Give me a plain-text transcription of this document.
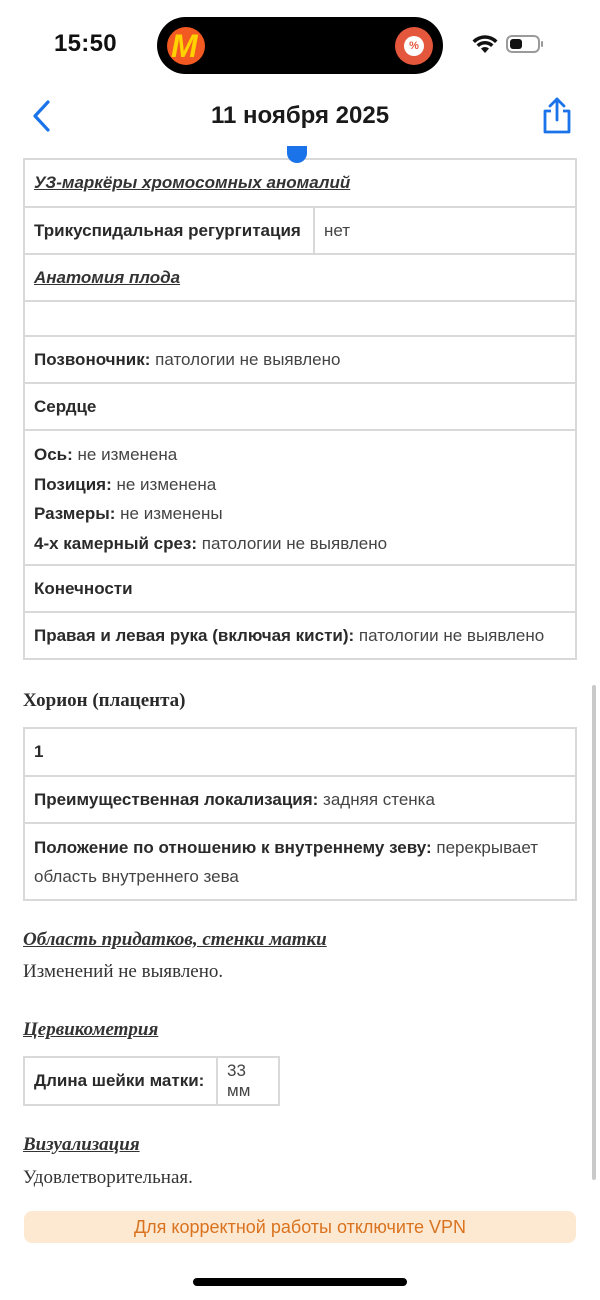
15:50 M	%
11 ноября 2025
УЗ-маркёры хромосомных аномалий
Трикуспидальная регургитация	нет
Анатомия плода

Позвоночник: патологии не выявлено
Сердце

Ось: не изменена
Позиция: не изменена
Размеры: не изменены
4-х камерный срез: патологии не выявлено

Конечности
Правая и левая рука (включая кисти): патологии не выявлено
Хорион (плацента)
1
Преимущественная локализация: задняя стенка
Положение по отношению к внутреннему зеву: перекрывает область внутреннего зева
Область придатков, стенки матки
Изменений не выявлено.
Цервикометрия
Длина шейки матки:	33 мм
Визуализация
Удовлетворительная.
Для корректной работы отключите VPN
